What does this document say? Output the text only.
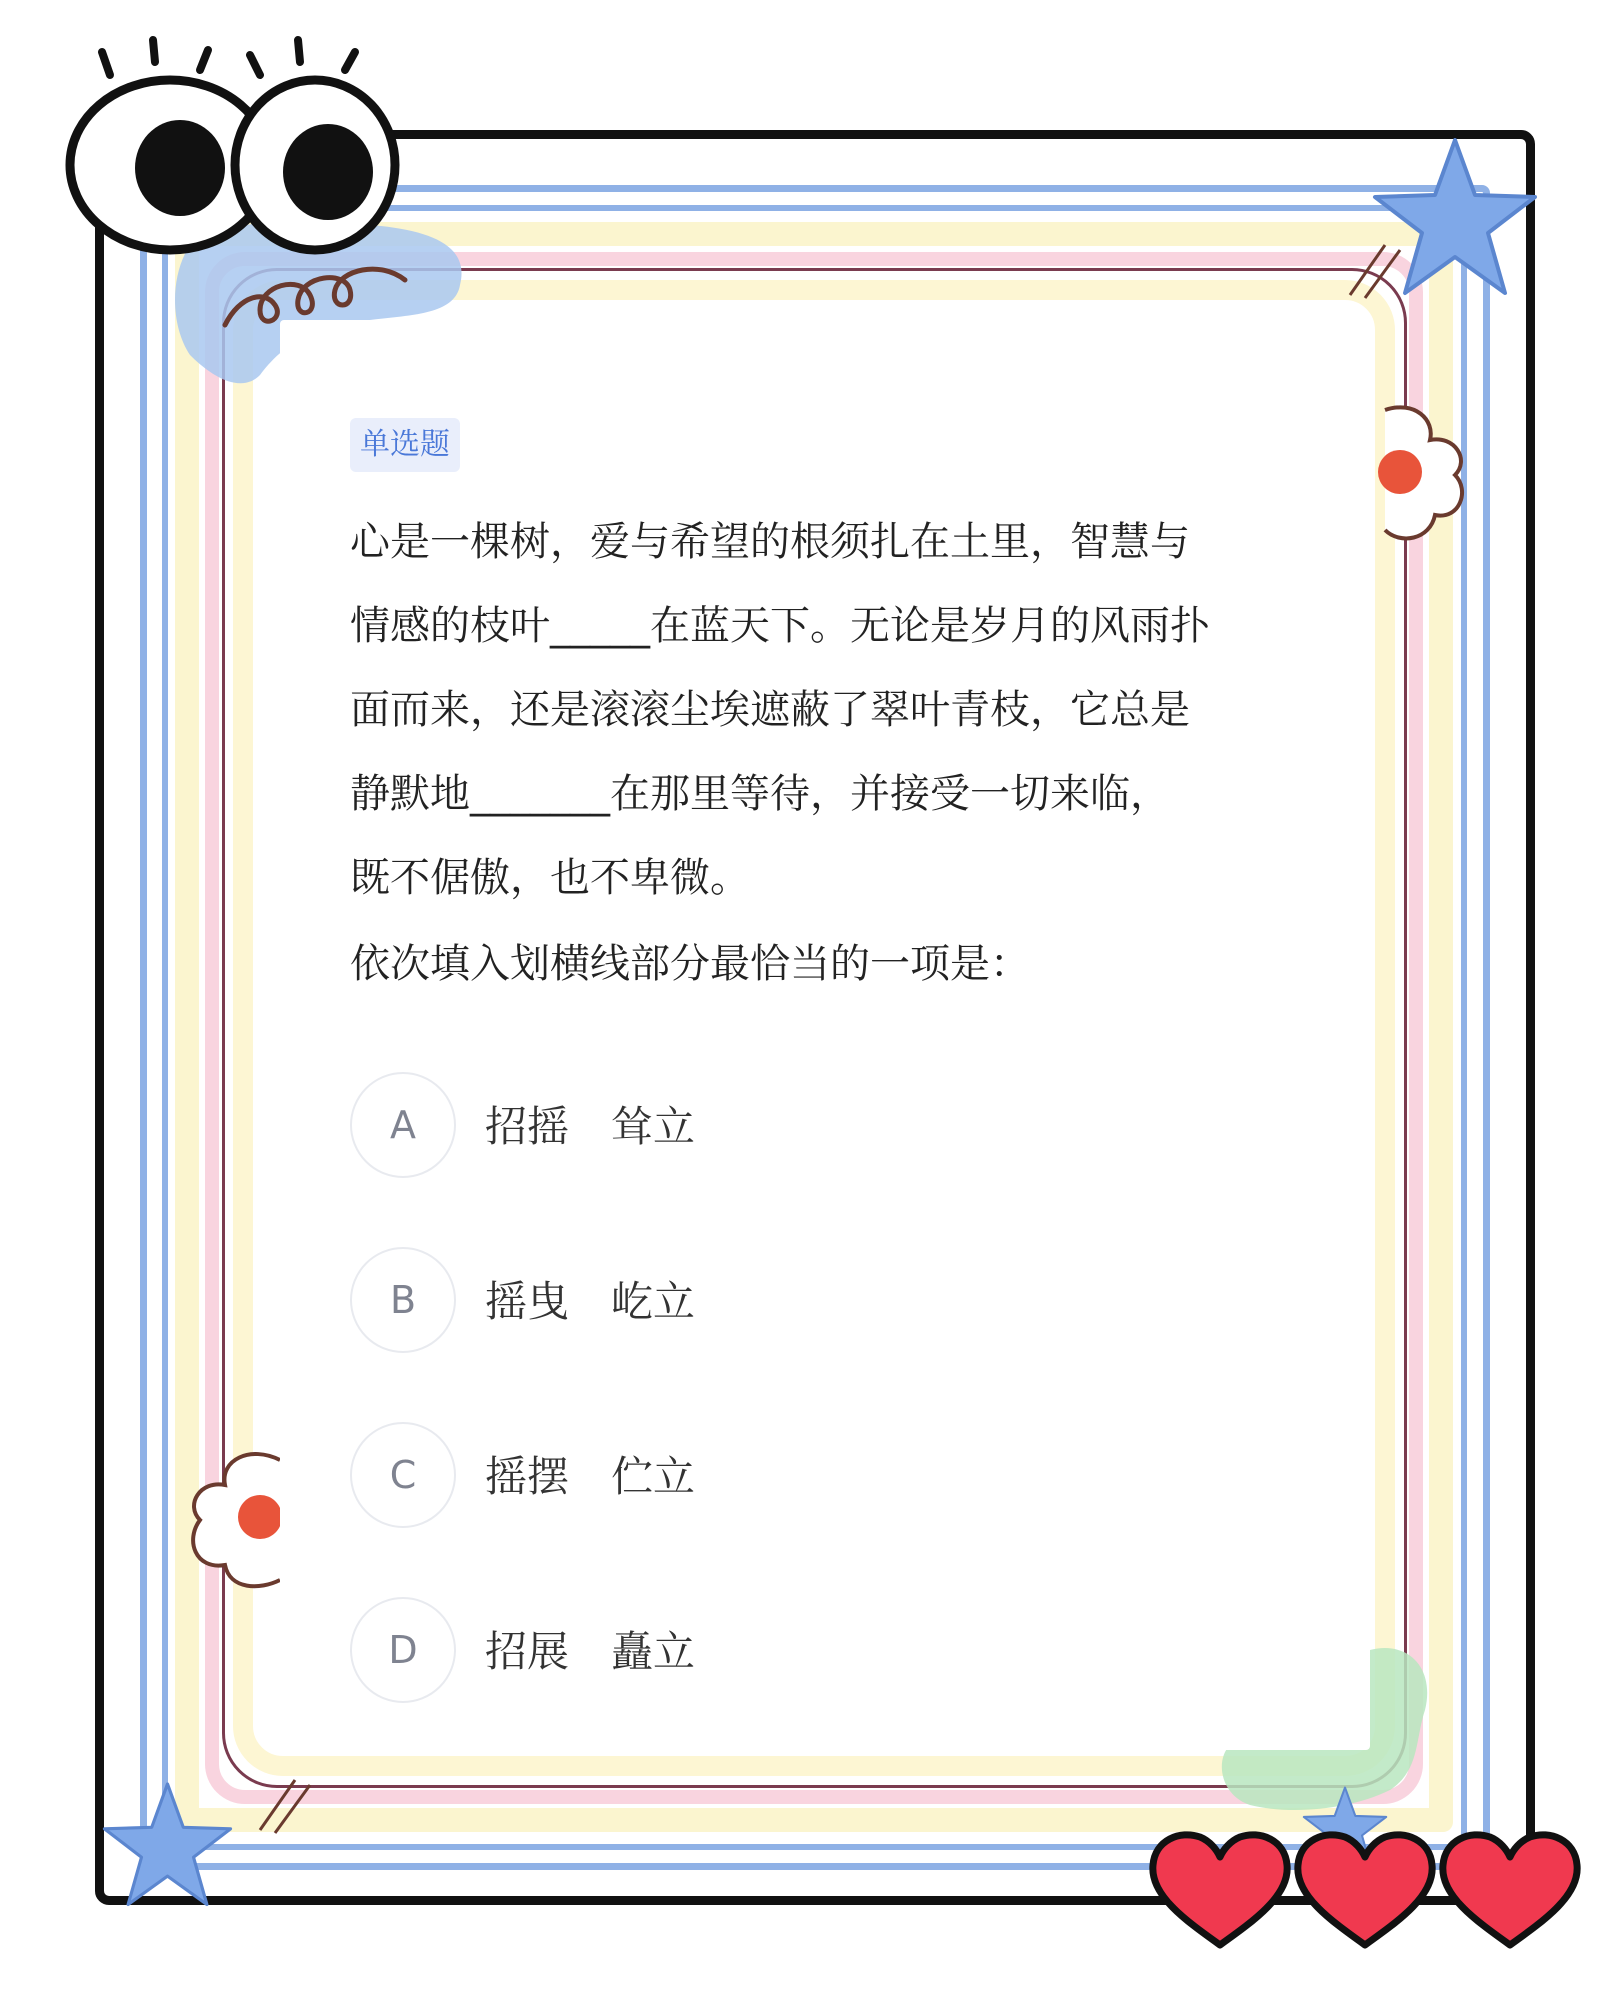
单选题
心是一棵树，爱与希望的根须扎在土里，智慧与
情感的枝叶_____在蓝天下。无论是岁月的风雨扑
面而来，还是滚滚尘埃遮蔽了翠叶青枝，它总是
静默地_______在那里等待，并接受一切来临，
既不倨傲，也不卑微。
依次填入划横线部分最恰当的一项是：
A	招摇　耸立
B	摇曳　屹立
C	摇摆　伫立
D	招展　矗立
